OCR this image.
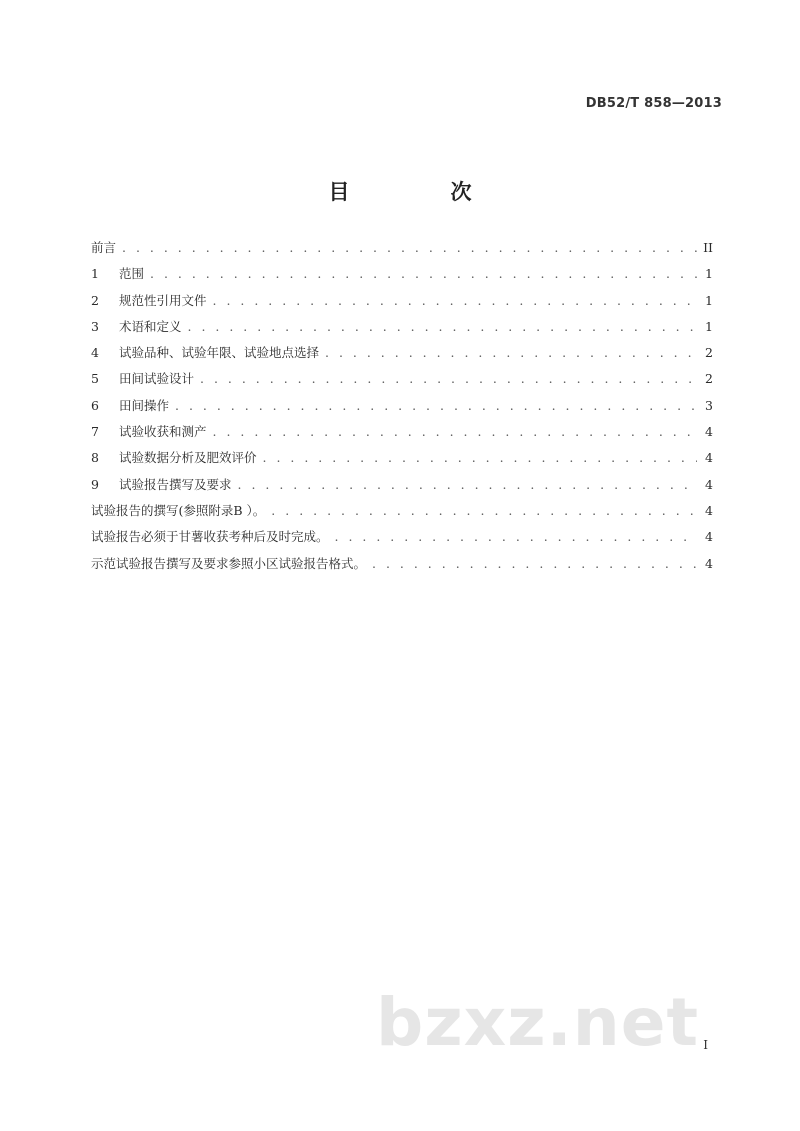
DB52/T 858—2013
目　次
前言 . . .	II
1	范围 . . .	1
2	规范性引用文件 . . .	1
3	术语和定义 . . .	1
4	试验品种、试验年限、试验地点选择 . . .	2
5	田间试验设计 . . .	2
6	田间操作 . . .	3
7	试验收获和测产 . . .	4
8	试验数据分析及肥效评价 . . .	4
9	试验报告撰写及要求 . . .	4
试验报告的撰写(参照附录B ）。 . . .	4
试验报告必须于甘薯收获考种后及时完成。 . . .	4
示范试验报告撰写及要求参照小区试验报告格式。 . . .	4
bzxz.net I
